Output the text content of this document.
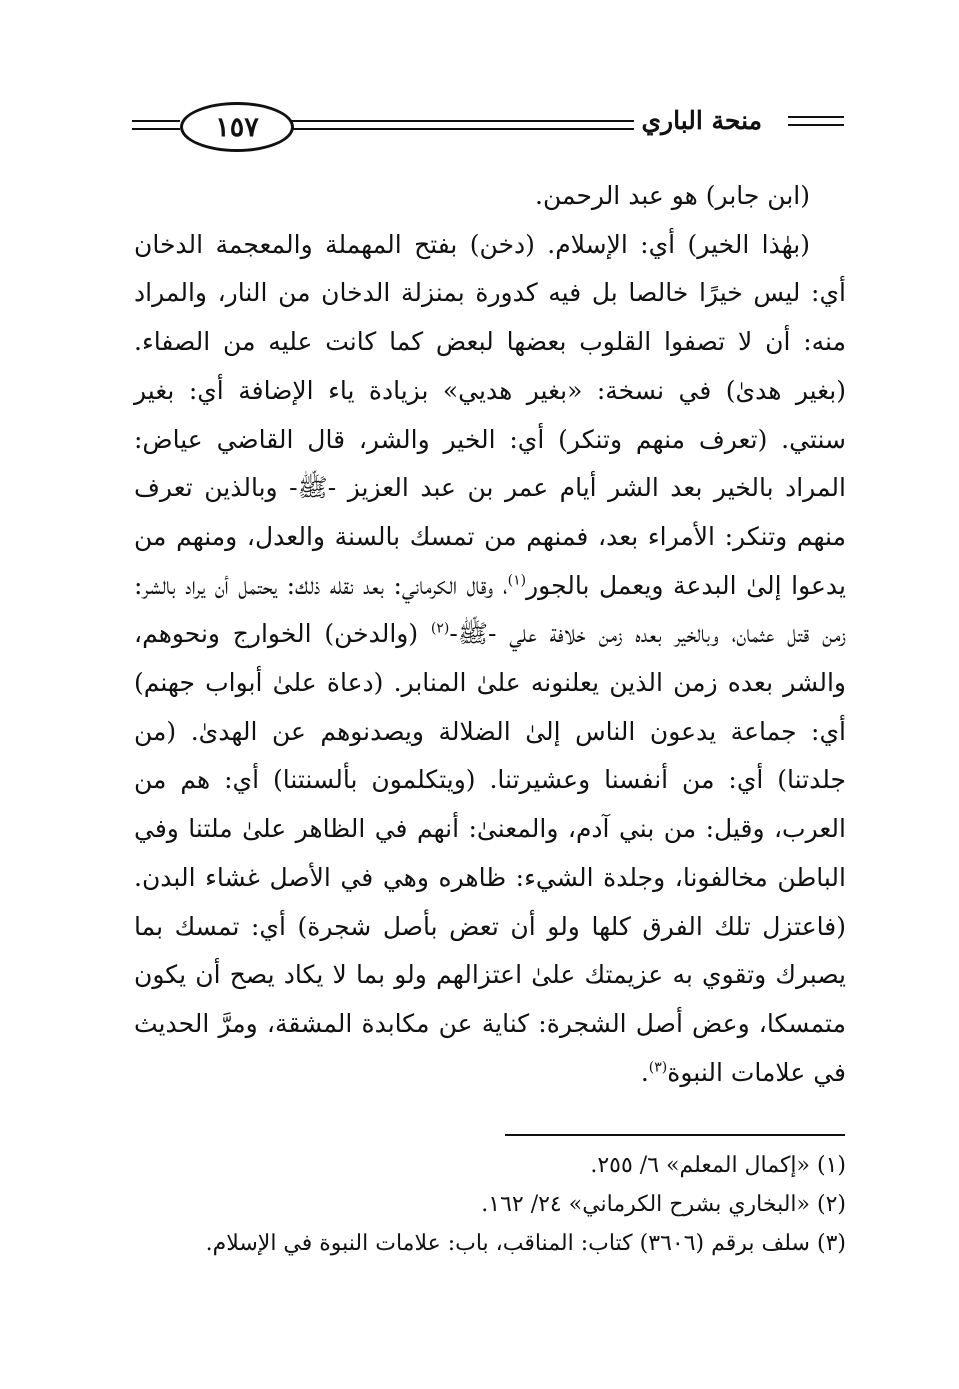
منحة الباري
١٥٧

(ابن جابر) هو عبد الرحمن.

(بهٰذا الخير) أي: الإسلام. (دخن) بفتح المهملة والمعجمة الدخان أي: ليس خيرًا خالصا بل فيه كدورة بمنزلة الدخان من النار، والمراد منه: أن لا تصفوا القلوب بعضها لبعض كما كانت عليه من الصفاء. (بغير هدىٰ) في نسخة: «بغير هديي» بزيادة ياء الإضافة أي: بغير سنتي. (تعرف منهم وتنكر) أي: الخير والشر، قال القاضي عياض: المراد بالخير بعد الشر أيام عمر بن عبد العزيز -ﷺ- وبالذين تعرف منهم وتنكر: الأمراء بعد، فمنهم من تمسك بالسنة والعدل، ومنهم من يدعوا إلىٰ البدعة ويعمل بالجور$^{(١)}$، وقال الكرماني: بعد نقله ذلك: يحتمل أن يراد بالشر: زمن قتل عثمان، وبالخير بعده زمن خلافة علي -ﷺ-$^{(٢)}$ (والدخن) الخوارج ونحوهم، والشر بعده زمن الذين يعلنونه علىٰ المنابر. (دعاة علىٰ أبواب جهنم) أي: جماعة يدعون الناس إلىٰ الضلالة ويصدنوهم عن الهدىٰ. (من جلدتنا) أي: من أنفسنا وعشيرتنا. (ويتكلمون بألسنتنا) أي: هم من العرب، وقيل: من بني آدم، والمعنىٰ: أنهم في الظاهر علىٰ ملتنا وفي الباطن مخالفونا، وجلدة الشيء: ظاهره وهي في الأصل غشاء البدن. (فاعتزل تلك الفرق كلها ولو أن تعض بأصل شجرة) أي: تمسك بما يصبرك وتقوي به عزيمتك علىٰ اعتزالهم ولو بما لا يكاد يصح أن يكون متمسكا، وعض أصل الشجرة: كناية عن مكابدة المشقة، ومرَّ الحديث في علامات النبوة$^{(٣)}$.

(١) «إكمال المعلم» ٦/ ٢٥٥.

(٢) «البخاري بشرح الكرماني» ٢٤/ ١٦٢.

(٣) سلف برقم (٣٦٠٦) كتاب: المناقب، باب: علامات النبوة في الإسلام.
